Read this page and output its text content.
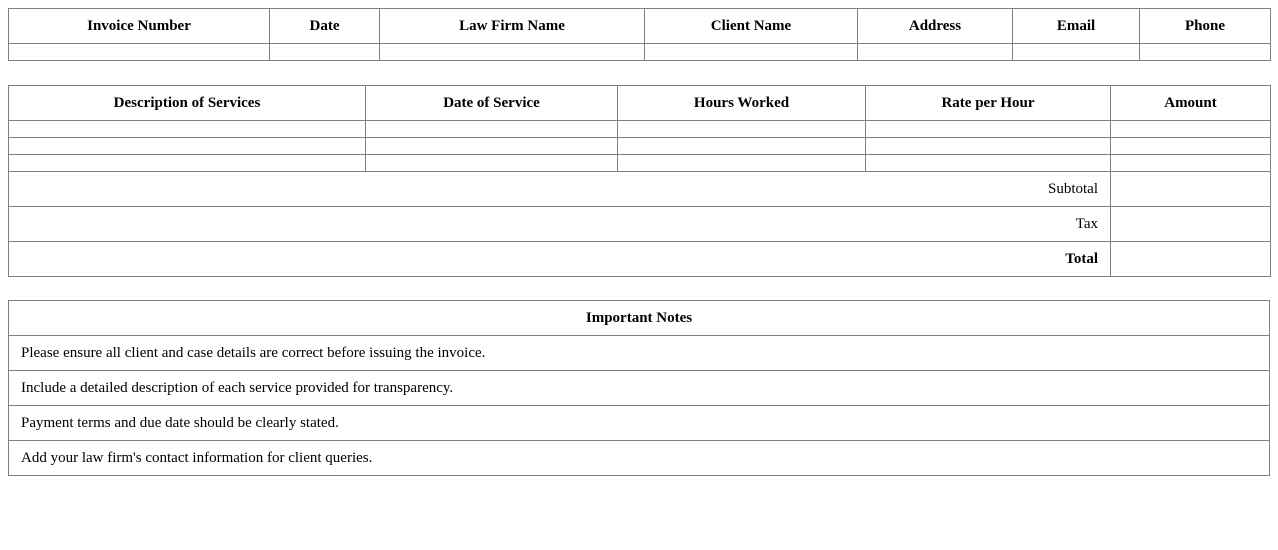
Invoice Number	Date	Law Firm Name	Client Name	Address	Email	Phone

Description of Services	Date of Service	Hours Worked	Rate per Hour	Amount

Subtotal				
Tax				
Total				
Important Notes
Please ensure all client and case details are correct before issuing the invoice.
Include a detailed description of each service provided for transparency.
Payment terms and due date should be clearly stated.
Add your law firm's contact information for client queries.
